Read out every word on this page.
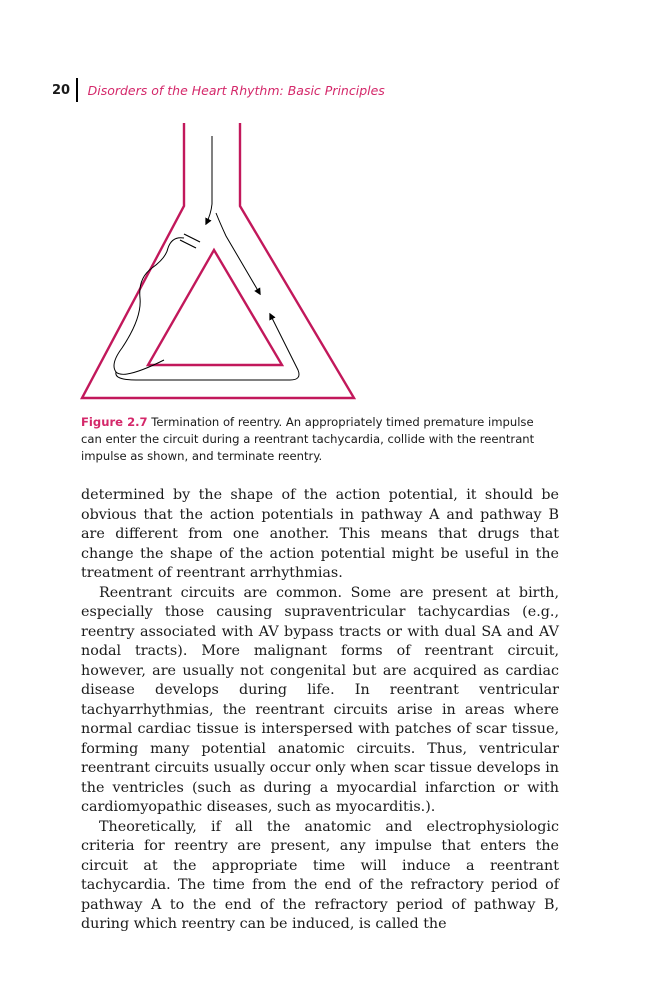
20	Disorders of the Heart Rhythm: Basic Principles
Figure 2.7 Termination of reentry. An appropriately timed premature impulse can enter the circuit during a reentrant tachycardia, collide with the reentrant impulse as shown, and terminate reentry.

determined by the shape of the action potential, it should be obvious that the action potentials in pathway A and pathway B are different from one another. This means that drugs that change the shape of the action potential might be useful in the treatment of reentrant arrhythmias.

Reentrant circuits are common. Some are present at birth, especially those causing supraventricular tachycardias (e.g., reentry associated with AV bypass tracts or with dual SA and AV nodal tracts). More malignant forms of reentrant circuit, however, are usually not congenital but are acquired as cardiac disease develops during life. In reentrant ventricular tachyarrhythmias, the reentrant circuits arise in areas where normal cardiac tissue is interspersed with patches of scar tissue, forming many potential anatomic circuits. Thus, ventricular reentrant circuits usually occur only when scar tissue develops in the ventricles (such as during a myocardial infarction or with cardiomyopathic diseases, such as myocarditis.).

Theoretically, if all the anatomic and electrophysiologic criteria for reentry are present, any impulse that enters the circuit at the appropriate time will induce a reentrant tachycardia. The time from the end of the refractory period of pathway A to the end of the refractory period of pathway B, during which reentry can be induced, is called the
